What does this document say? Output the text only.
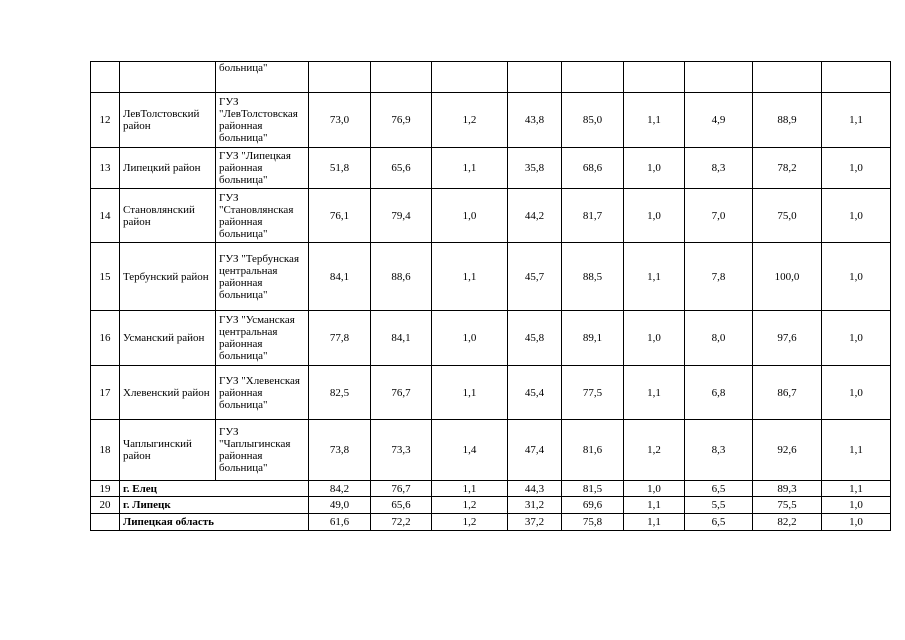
		больница"									
12	ЛевТолстовский район	ГУЗ "ЛевТолстовская районная больница"	73,0	76,9	1,2	43,8	85,0	1,1	4,9	88,9	1,1
13	Липецкий район	ГУЗ "Липецкая районная больница"	51,8	65,6	1,1	35,8	68,6	1,0	8,3	78,2	1,0
14	Становлянский район	ГУЗ "Становлянская районная больница"	76,1	79,4	1,0	44,2	81,7	1,0	7,0	75,0	1,0
15	Тербунский район	ГУЗ "Тербунская центральная районная больница"	84,1	88,6	1,1	45,7	88,5	1,1	7,8	100,0	1,0
16	Усманский район	ГУЗ "Усманская центральная районная больница"	77,8	84,1	1,0	45,8	89,1	1,0	8,0	97,6	1,0
17	Хлевенский район	ГУЗ "Хлевенская районная больница"	82,5	76,7	1,1	45,4	77,5	1,1	6,8	86,7	1,0
18	Чаплыгинский район	ГУЗ "Чаплыгинская районная больница"	73,8	73,3	1,4	47,4	81,6	1,2	8,3	92,6	1,1
19	г. Елец		84,2	76,7	1,1	44,3	81,5	1,0	6,5	89,3	1,1
20	г. Липецк		49,0	65,6	1,2	31,2	69,6	1,1	5,5	75,5	1,0
	Липецкая область		61,6	72,2	1,2	37,2	75,8	1,1	6,5	82,2	1,0
